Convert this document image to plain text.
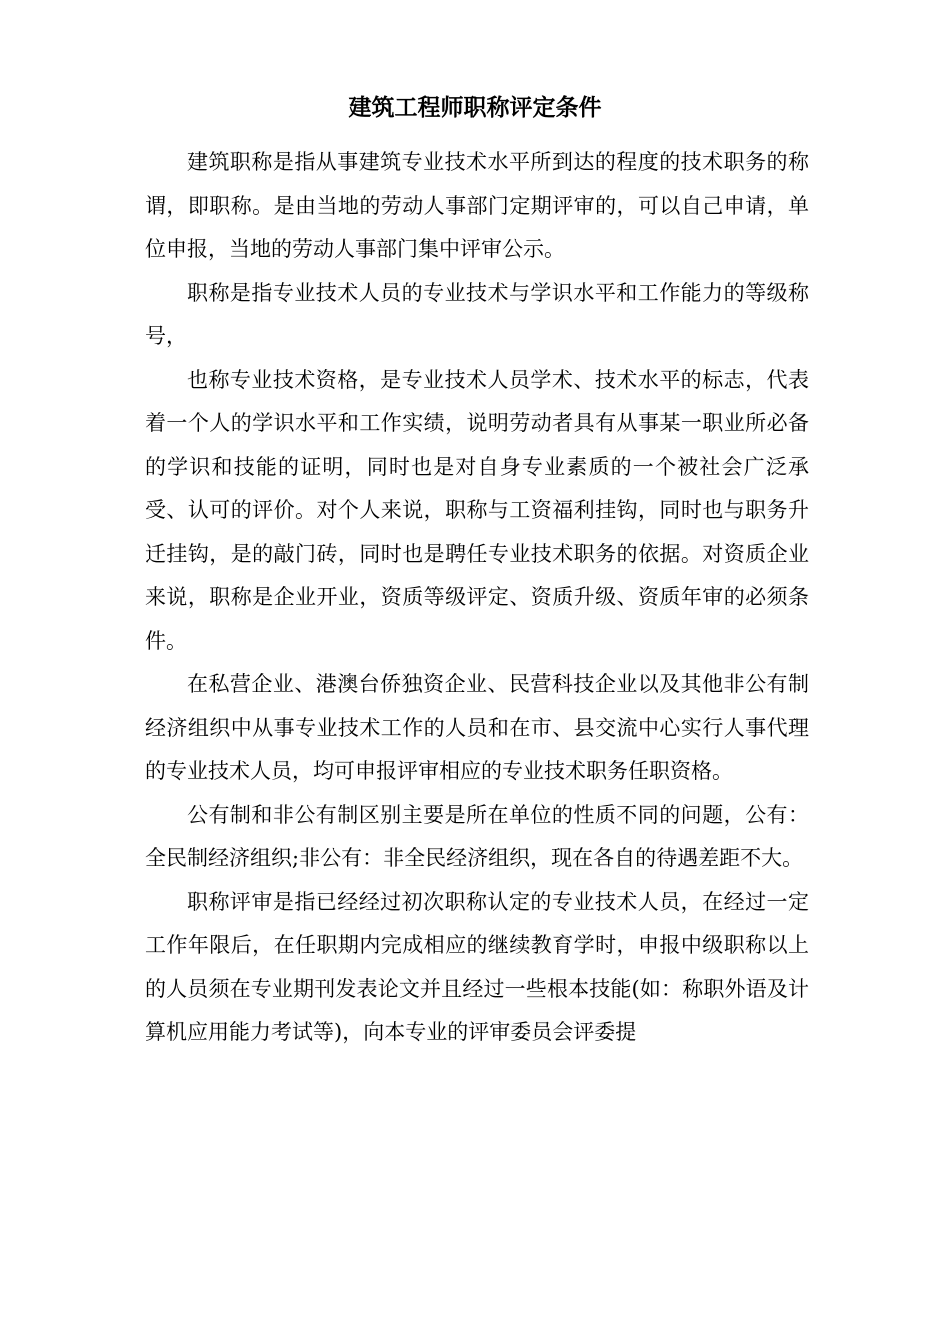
建筑工程师职称评定条件

建筑职称是指从事建筑专业技术水平所到达的程度的技术职务的称谓，即职称。是由当地的劳动人事部门定期评审的，可以自己申请，单位申报，当地的劳动人事部门集中评审公示。

职称是指专业技术人员的专业技术与学识水平和工作能力的等级称号，

也称专业技术资格，是专业技术人员学术、技术水平的标志，代表着一个人的学识水平和工作实绩，说明劳动者具有从事某一职业所必备的学识和技能的证明，同时也是对自身专业素质的一个被社会广泛承受、认可的评价。对个人来说，职称与工资福利挂钩，同时也与职务升迁挂钩，是的敲门砖，同时也是聘任专业技术职务的依据。对资质企业来说，职称是企业开业，资质等级评定、资质升级、资质年审的必须条件。

在私营企业、港澳台侨独资企业、民营科技企业以及其他非公有制经济组织中从事专业技术工作的人员和在市、县交流中心实行人事代理的专业技术人员，均可申报评审相应的专业技术职务任职资格。

公有制和非公有制区别主要是所在单位的性质不同的问题，公有：全民制经济组织;非公有：非全民经济组织，现在各自的待遇差距不大。

职称评审是指已经经过初次职称认定的专业技术人员，在经过一定工作年限后，在任职期内完成相应的继续教育学时，申报中级职称以上的人员须在专业期刊发表论文并且经过一些根本技能(如：称职外语及计算机应用能力考试等)，向本专业的评审委员会评委提
